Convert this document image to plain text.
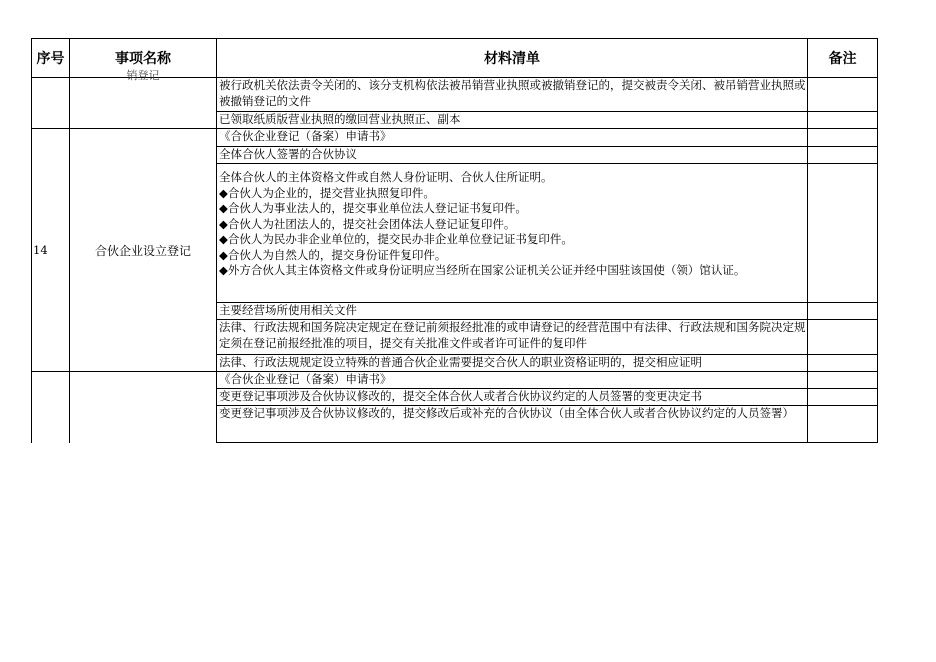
序号	事项名称	材料清单	备注
销登记
被行政机关依法责令关闭的、该分支机构依法被吊销营业执照或被撤销登记的，提交被责令关闭、被吊销营业执照或被撤销登记的文件
已领取纸质版营业执照的缴回营业执照正、副本
14	合伙企业设立登记
《合伙企业登记（备案）申请书》
全体合伙人签署的合伙协议
全体合伙人的主体资格文件或自然人身份证明、合伙人住所证明。
◆合伙人为企业的，提交营业执照复印件。
◆合伙人为事业法人的，提交事业单位法人登记证书复印件。
◆合伙人为社团法人的，提交社会团体法人登记证复印件。
◆合伙人为民办非企业单位的，提交民办非企业单位登记证书复印件。
◆合伙人为自然人的，提交身份证件复印件。
◆外方合伙人其主体资格文件或身份证明应当经所在国家公证机关公证并经中国驻该国使（领）馆认证。
主要经营场所使用相关文件
法律、行政法规和国务院决定规定在登记前须报经批准的或申请登记的经营范围中有法律、行政法规和国务院决定规定须在登记前报经批准的项目，提交有关批准文件或者许可证件的复印件
法律、行政法规规定设立特殊的普通合伙企业需要提交合伙人的职业资格证明的，提交相应证明
《合伙企业登记（备案）申请书》
变更登记事项涉及合伙协议修改的，提交全体合伙人或者合伙协议约定的人员签署的变更决定书
变更登记事项涉及合伙协议修改的，提交修改后或补充的合伙协议（由全体合伙人或者合伙协议约定的人员签署）
